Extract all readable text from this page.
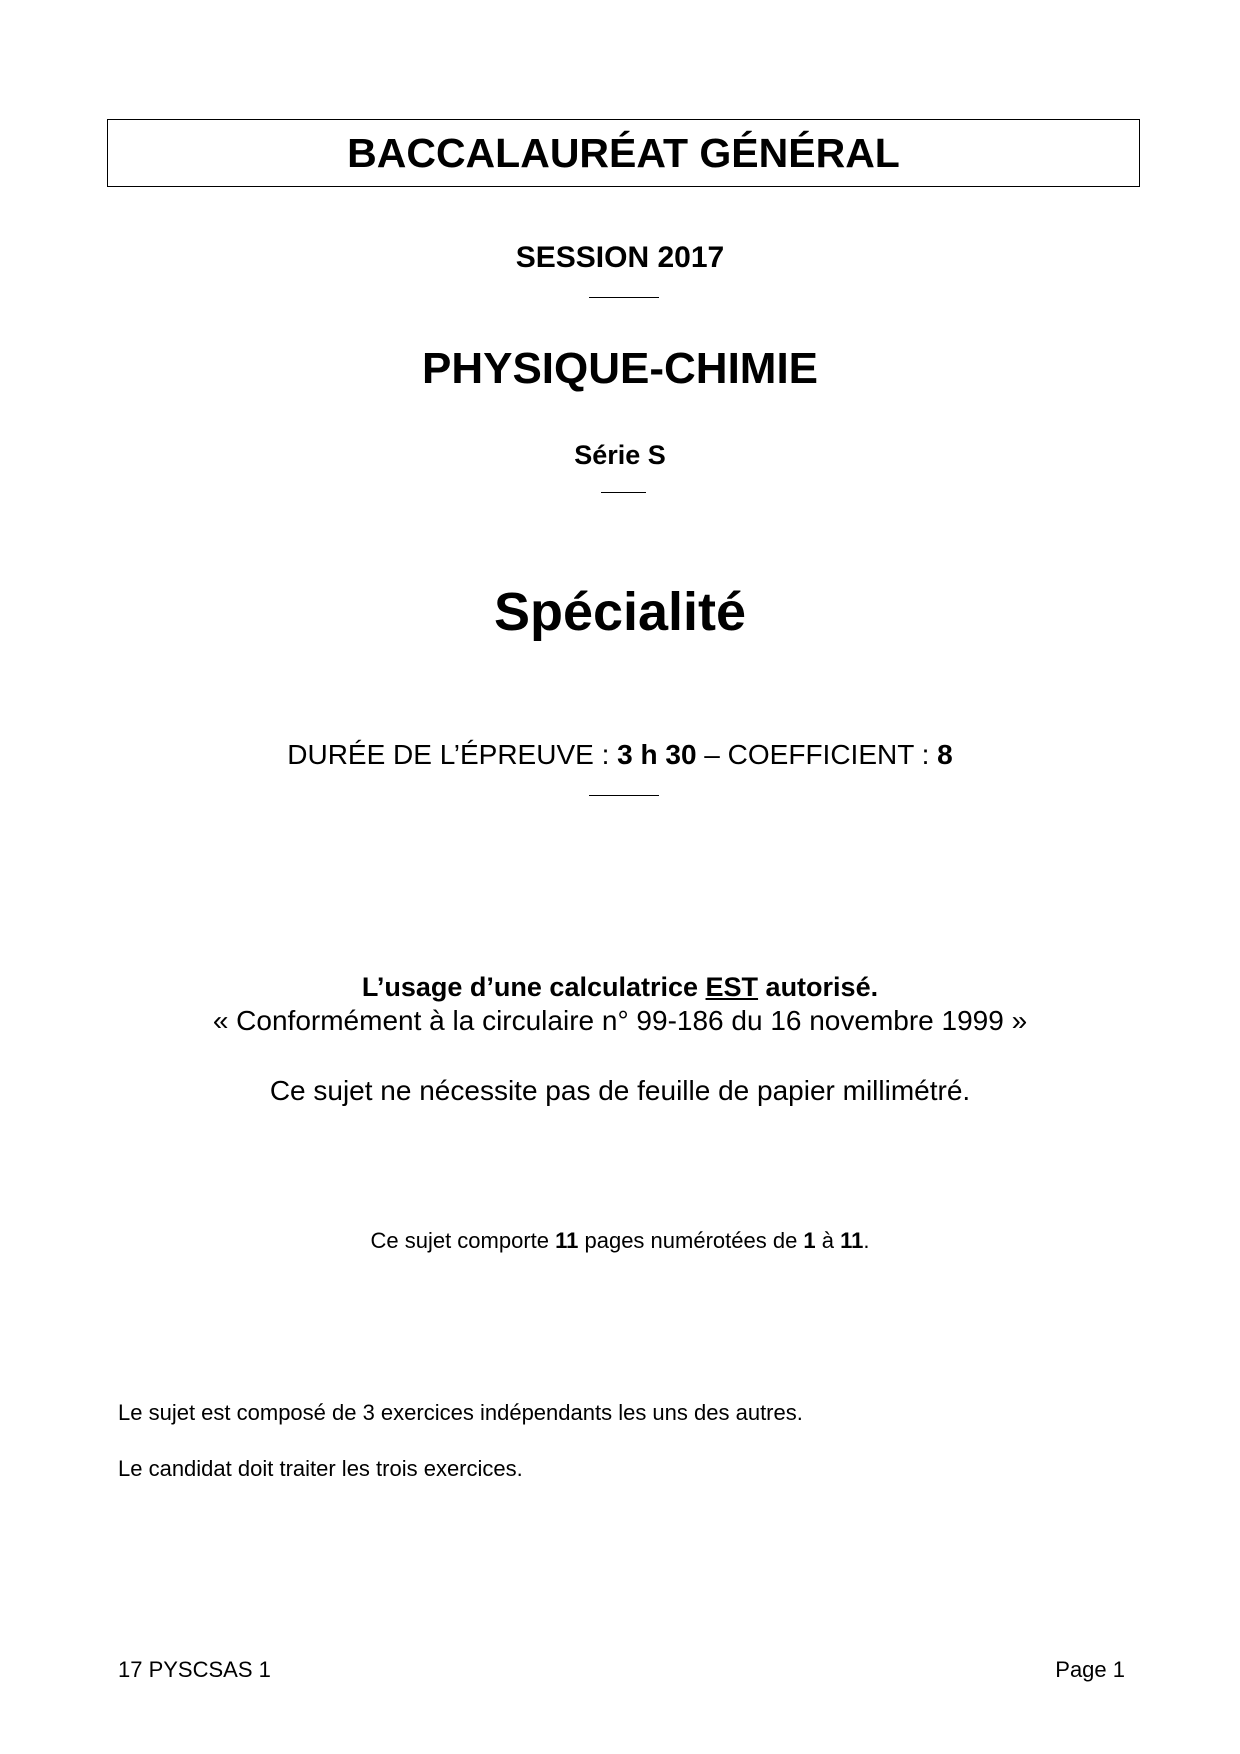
BACCALAURÉAT GÉNÉRAL
SESSION 2017
PHYSIQUE-CHIMIE
Série S
Spécialité
DURÉE DE L’ÉPREUVE : 3 h 30 – COEFFICIENT : 8
L’usage d’une calculatrice EST autorisé.
« Conformément à la circulaire n° 99-186 du 16 novembre 1999 »
Ce sujet ne nécessite pas de feuille de papier millimétré.
Ce sujet comporte 11 pages numérotées de 1 à 11.
Le sujet est composé de 3 exercices indépendants les uns des autres.
Le candidat doit traiter les trois exercices.
17 PYSCSAS 1	Page 1
